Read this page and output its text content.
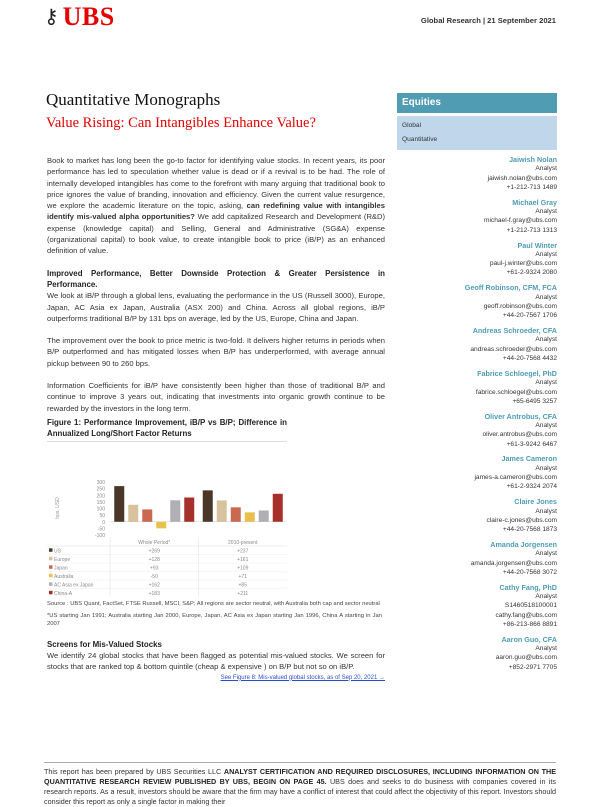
⚷ UBS	Global Research | 21 September 2021
Quantitative Monographs
Value Rising: Can Intangibles Enhance Value?
Equities
Global
Quantitative

Book to market has long been the go-to factor for identifying value stocks. In recent years, its poor performance has led to speculation whether value is dead or if a revival is to be had. The role of internally developed intangibles has come to the forefront with many arguing that traditional book to price ignores the value of branding, innovation and efficiency. Given the current value resurgence, we explore the academic literature on the topic, asking, can redefining value with intangibles identify mis-valued alpha opportunities? We add capitalized Research and Development (R&D) expense (knowledge capital) and Selling, General and Administrative (SG&A) expense (organizational capital) to book value, to create intangible book to price (iB/P) as an enhanced definition of value.

Improved Performance, Better Downside Protection & Greater Persistence in Performance.

We look at iB/P through a global lens, evaluating the performance in the US (Russell 3000), Europe, Japan, AC Asia ex Japan, Australia (ASX 200) and China. Across all global regions, iB/P outperforms traditional B/P by 131 bps on average, led by the US, Europe, China and Japan.

The improvement over the book to price metric is two-fold. It delivers higher returns in periods when B/P outperformed and has mitigated losses when B/P has underperformed, with average annual pickup between 90 to 260 bps.

Information Coefficients for iB/P have consistently been higher than those of traditional B/P and continue to improve 3 years out, indicating that investments into organic growth continue to be rewarded by the investors in the long term.

Figure 1: Performance Improvement, iB/P vs B/P; Difference in Annualized Long/Short Factor Returns
bps, USD
300
250
200
150
100
50
0
-50
-100
Whole Period*	2010-present
US	+269	+237
Europe	+128	+161
Japan	+93	+109
Australia	-50	+71
AC Asia ex Japan	+162	+85
China-A	+183	+211
Source : UBS Quant, FactSet, FTSE Russell, MSCI, S&P; All regions are sector neutral, with Australia both cap and sector neutral
*US starting Jan 1991; Australia starting Jan 2000, Europe, Japan, AC Asia ex Japan starting Jan 1996, China A starting in Jan 2007
Screens for Mis-Valued Stocks

We identify 24 global stocks that have been flagged as potential mis-valued stocks. We screen for stocks that are ranked top & bottom quintile (cheap & expensive ) on B/P but not so on iB/P.
See Figure 8: Mis-valued global stocks, as of Sep 20, 2021 →

Jaiwish Nolan
Analyst
jaiwish.nolan@ubs.com
+1-212-713 1489
Michael Gray
Analyst
michael-f.gray@ubs.com
+1-212-713 1313
Paul Winter
Analyst
paul-j.winter@ubs.com
+61-2-9324 2080
Geoff Robinson, CFM, FCA
Analyst
geoff.robinson@ubs.com
+44-20-7567 1706
Andreas Schroeder, CFA
Analyst
andreas.schroeder@ubs.com
+44-20-7568 4432
Fabrice Schloegel, PhD
Analyst
fabrice.schloegel@ubs.com
+65-6495 3257
Oliver Antrobus, CFA
Analyst
oliver.antrobus@ubs.com
+61-3-9242 6467
James Cameron
Analyst
james-a.cameron@ubs.com
+61-2-9324 2074
Claire Jones
Analyst
claire-c.jones@ubs.com
+44-20-7568 1873
Amanda Jorgensen
Analyst
amanda.jorgensen@ubs.com
+44-20-7568 3072
Cathy Fang, PhD
Analyst
S1460518100001
cathy.fang@ubs.com
+86-213-866 8891
Aaron Guo, CFA
Analyst
aaron.guo@ubs.com
+852-2971 7705
This report has been prepared by UBS Securities LLC ANALYST CERTIFICATION AND REQUIRED DISCLOSURES, INCLUDING INFORMATION ON THE QUANTITATIVE RESEARCH REVIEW PUBLISHED BY UBS, BEGIN ON PAGE 45. UBS does and seeks to do business with companies covered in its research reports. As a result, investors should be aware that the firm may have a conflict of interest that could affect the objectivity of this report. Investors should consider this report as only a single factor in making their
